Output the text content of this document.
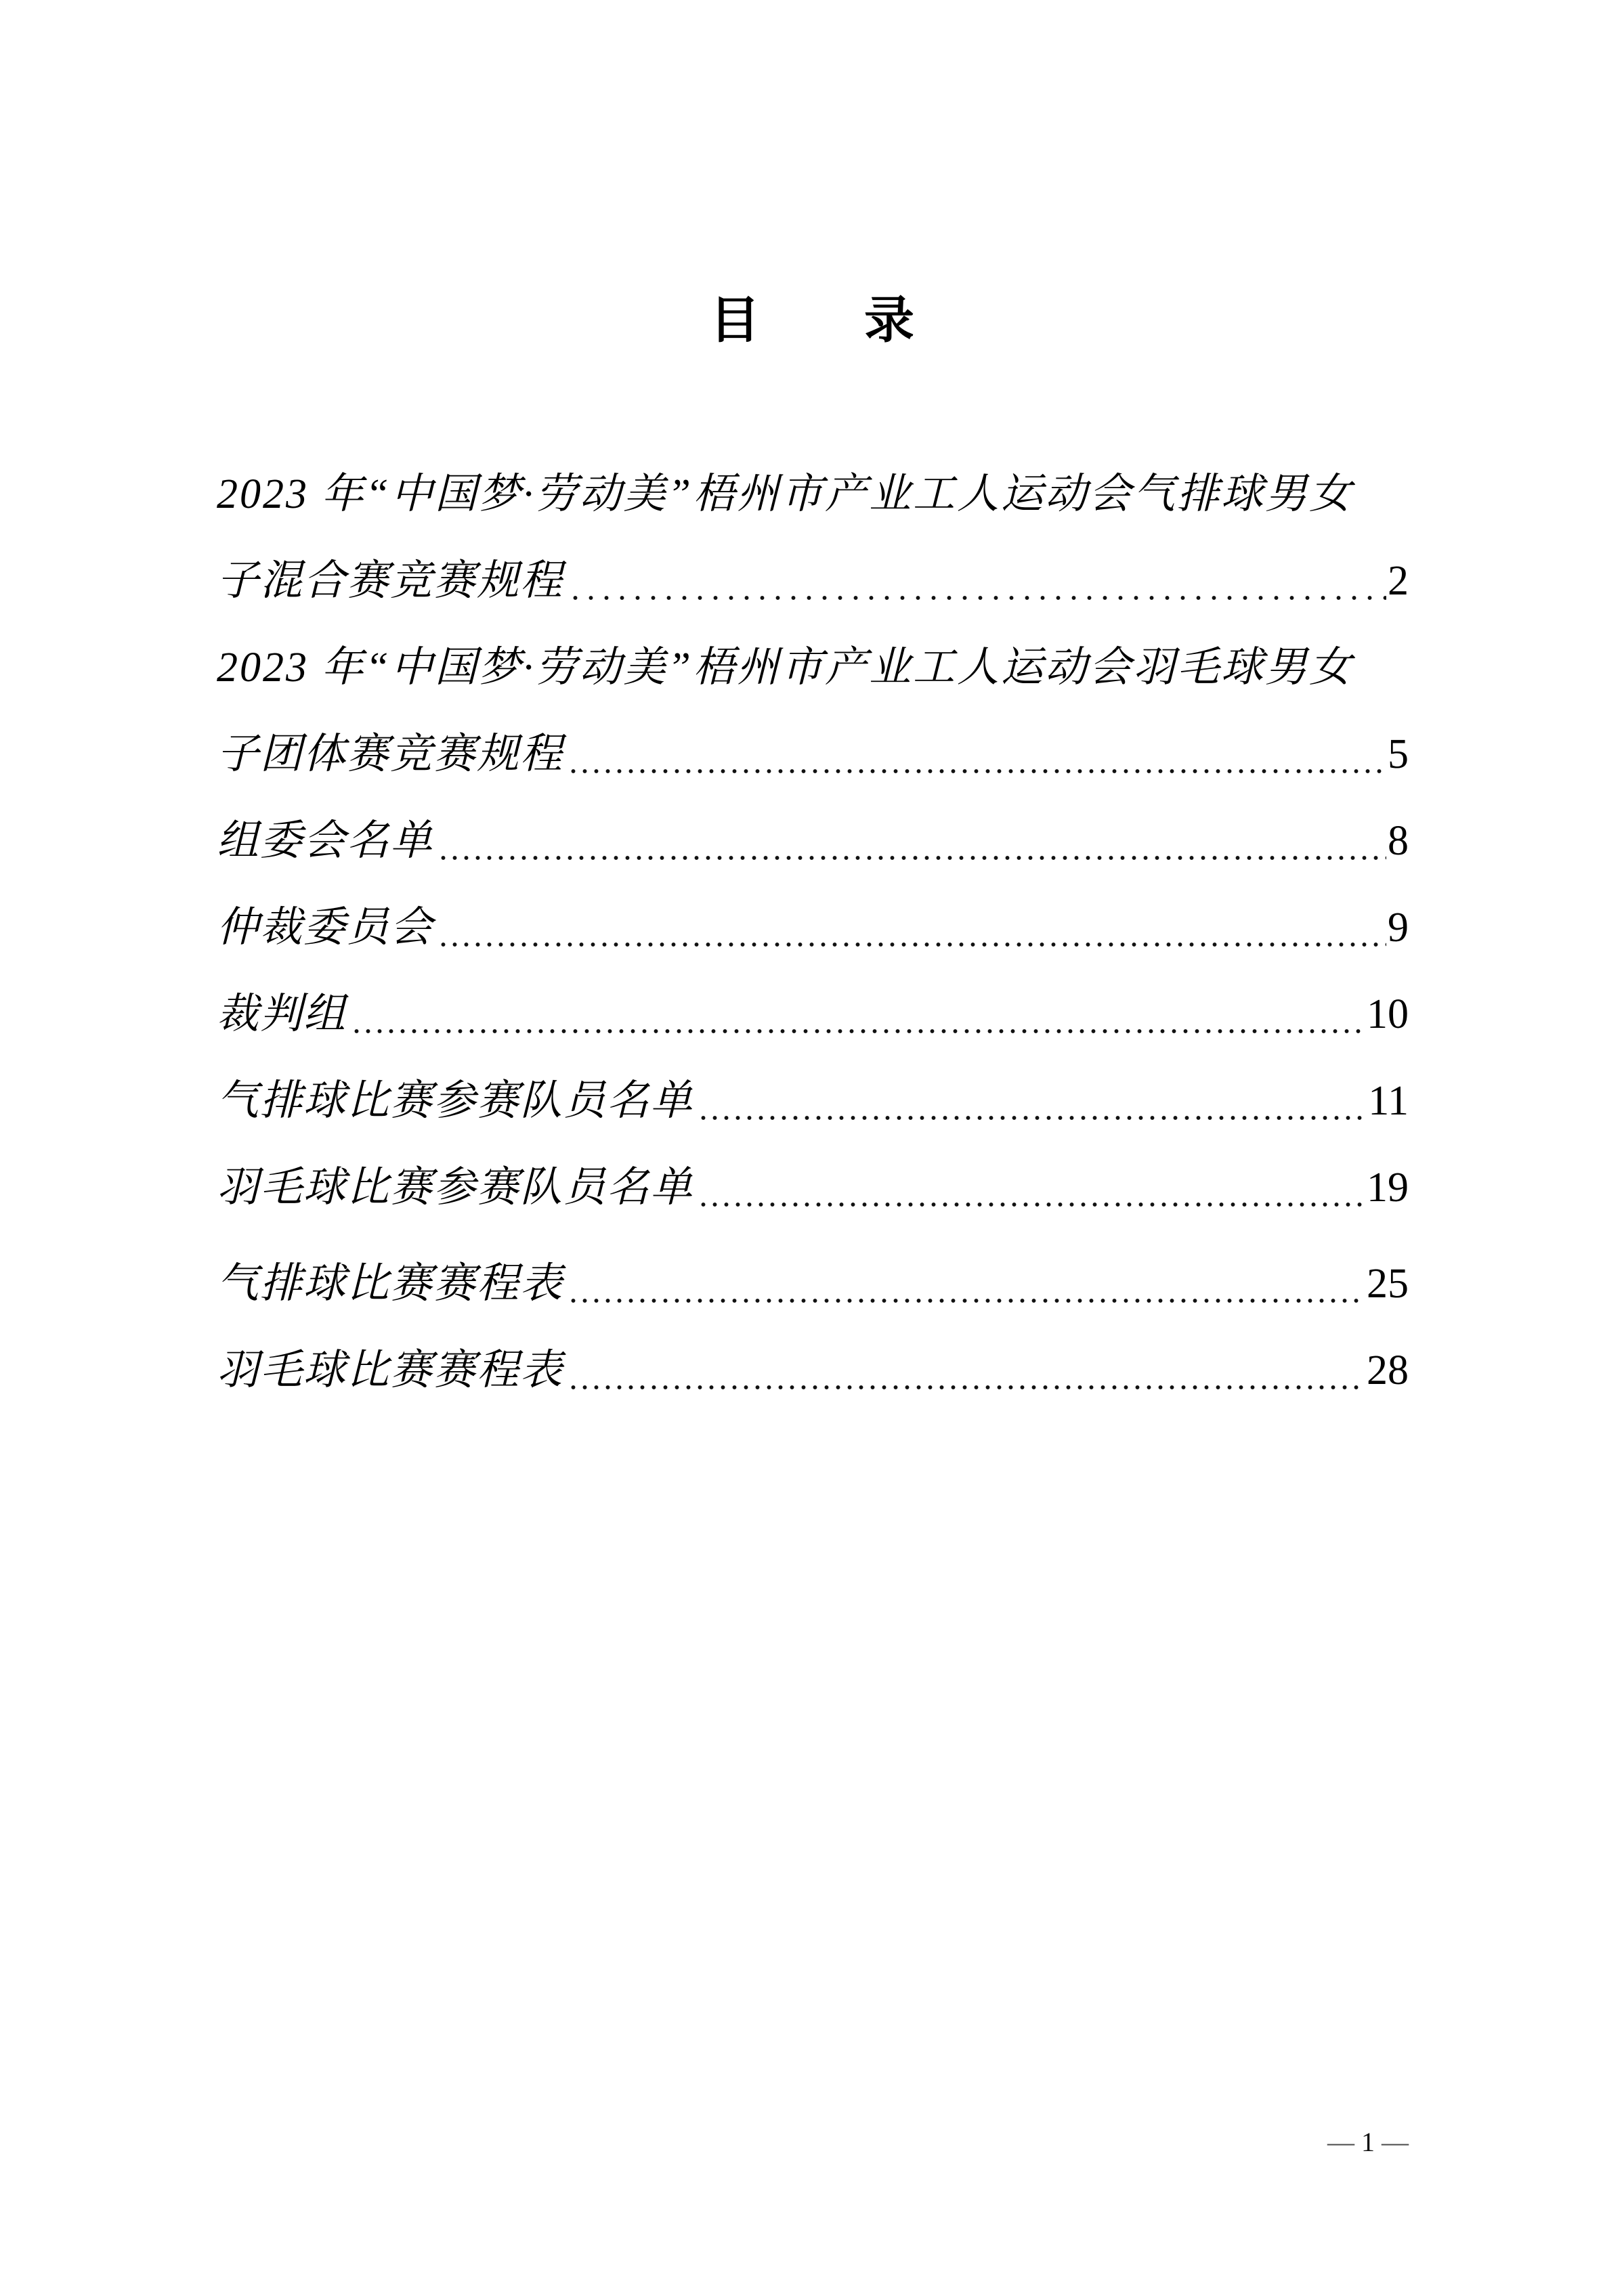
目　　录
2023 年“中国梦·劳动美”梧州市产业工人运动会气排球男女
子混合赛竞赛规程	2
2023 年“中国梦·劳动美”梧州市产业工人运动会羽毛球男女
子团体赛竞赛规程	5
组委会名单	8
仲裁委员会	9
裁判组	10
气排球比赛参赛队员名单	11
羽毛球比赛参赛队员名单	19
气排球比赛赛程表	25
羽毛球比赛赛程表	28
— 1 —
